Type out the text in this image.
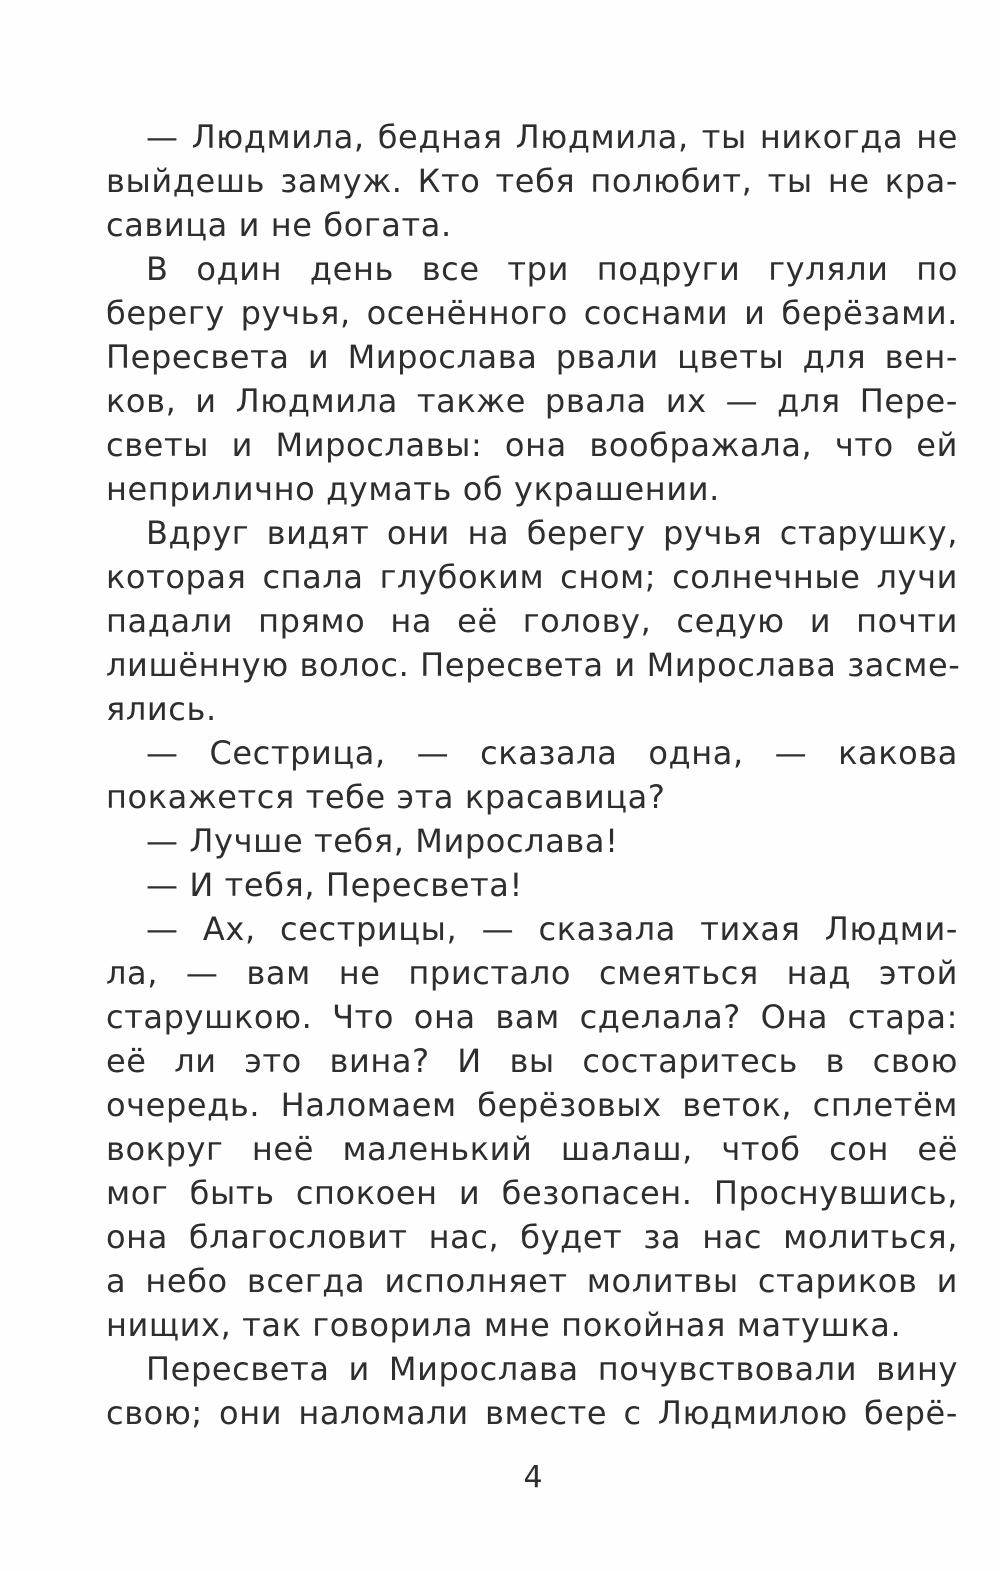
— Людмила, бедная Людмила, ты никогда не
выйдешь замуж. Кто тебя полюбит, ты не кра-
савица и не богата.
В один день все три подруги гуляли по
берегу ручья, осенённого соснами и берёзами.
Пересвета и Мирослава рвали цветы для вен-
ков, и Людмила также рвала их — для Пере-
светы и Мирославы: она воображала, что ей
неприлично думать об украшении.
Вдруг видят они на берегу ручья старушку,
которая спала глубоким сном; солнечные лучи
падали прямо на её голову, седую и почти
лишённую волос. Пересвета и Мирослава засме-
ялись.
— Сестрица, — сказала одна, — какова
покажется тебе эта красавица?
— Лучше тебя, Мирослава!
— И тебя, Пересвета!
— Ах, сестрицы, — сказала тихая Людми-
ла, — вам не пристало смеяться над этой
старушкою. Что она вам сделала? Она стара:
её ли это вина? И вы состаритесь в свою
очередь. Наломаем берёзовых веток, сплетём
вокруг неё маленький шалаш, чтоб сон её
мог быть спокоен и безопасен. Проснувшись,
она благословит нас, будет за нас молиться,
а небо всегда исполняет молитвы стариков и
нищих, так говорила мне покойная матушка.
Пересвета и Мирослава почувствовали вину
свою; они наломали вместе с Людмилою берё-
4
